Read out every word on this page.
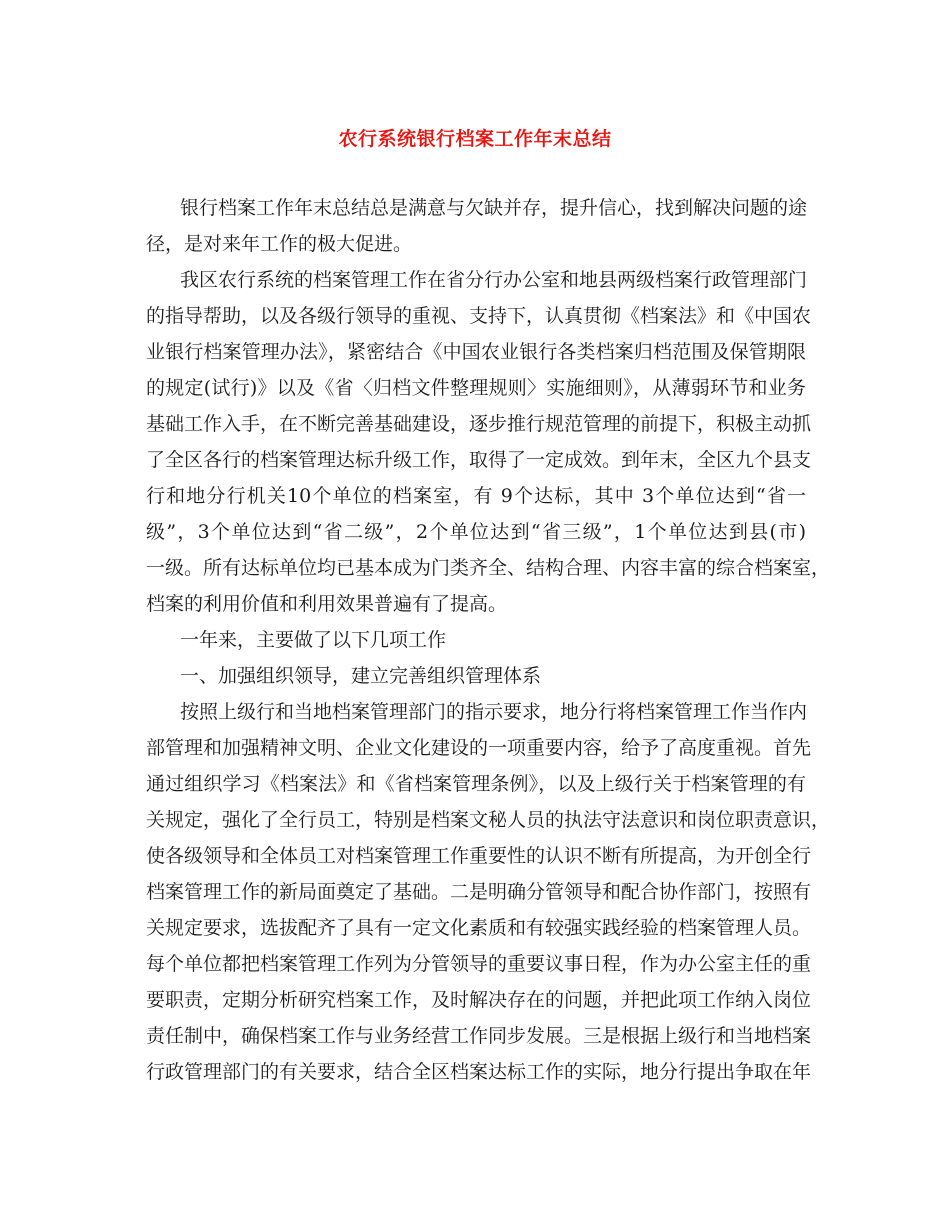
农行系统银行档案工作年末总结
银行档案工作年末总结总是满意与欠缺并存，提升信心，找到解决问题的途
径，是对来年工作的极大促进。
我区农行系统的档案管理工作在省分行办公室和地县两级档案行政管理部门
的指导帮助，以及各级行领导的重视、支持下，认真贯彻《档案法》和《中国农
业银行档案管理办法》，紧密结合《中国农业银行各类档案归档范围及保管期限
的规定(试行)》以及《省〈归档文件整理规则〉实施细则》，从薄弱环节和业务
基础工作入手，在不断完善基础建设，逐步推行规范管理的前提下，积极主动抓
了全区各行的档案管理达标升级工作，取得了一定成效。到年末，全区九个县支
行和地分行机关10个单位的档案室，有 9个达标，其中 3个单位达到“省一
级”，3个单位达到“省二级”，2个单位达到“省三级”，1个单位达到县(市)
一级。所有达标单位均已基本成为门类齐全、结构合理、内容丰富的综合档案室，
档案的利用价值和利用效果普遍有了提高。
一年来，主要做了以下几项工作
一、加强组织领导，建立完善组织管理体系
按照上级行和当地档案管理部门的指示要求，地分行将档案管理工作当作内
部管理和加强精神文明、企业文化建设的一项重要内容，给予了高度重视。首先
通过组织学习《档案法》和《省档案管理条例》，以及上级行关于档案管理的有
关规定，强化了全行员工，特别是档案文秘人员的执法守法意识和岗位职责意识，
使各级领导和全体员工对档案管理工作重要性的认识不断有所提高，为开创全行
档案管理工作的新局面奠定了基础。二是明确分管领导和配合协作部门，按照有
关规定要求，选拔配齐了具有一定文化素质和有较强实践经验的档案管理人员。
每个单位都把档案管理工作列为分管领导的重要议事日程，作为办公室主任的重
要职责，定期分析研究档案工作，及时解决存在的问题，并把此项工作纳入岗位
责任制中，确保档案工作与业务经营工作同步发展。三是根据上级行和当地档案
行政管理部门的有关要求，结合全区档案达标工作的实际，地分行提出争取在年
